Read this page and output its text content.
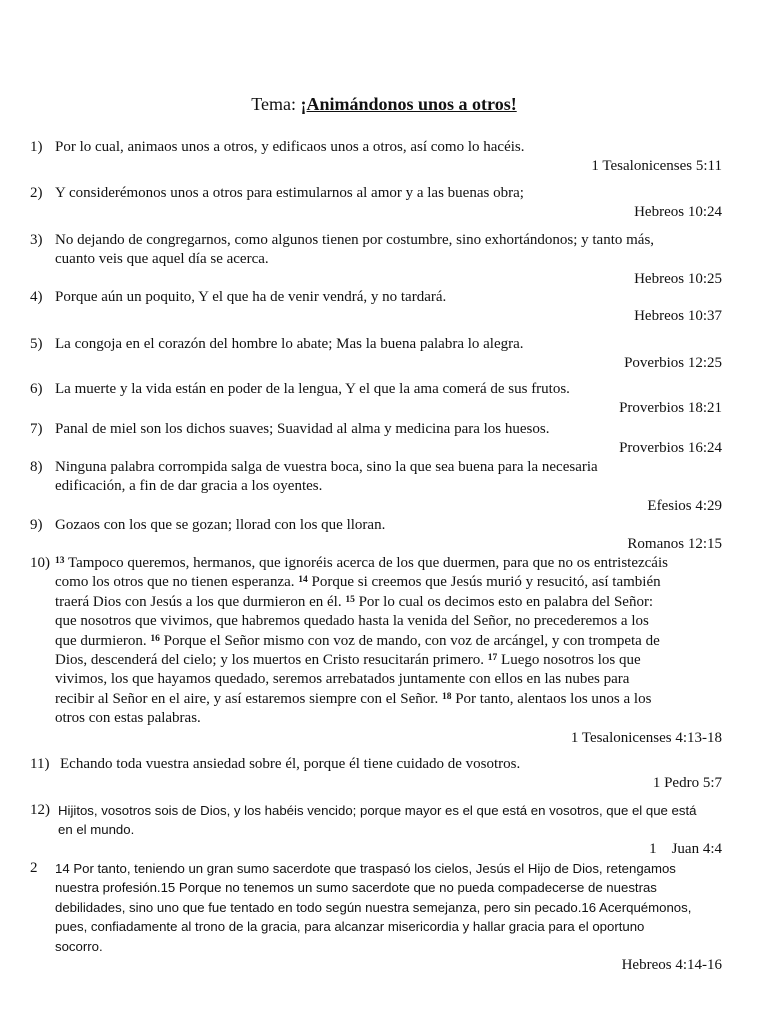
Tema: ¡Animándonos unos a otros!
1) Por lo cual, animaos unos a otros, y edificaos unos a otros, así como lo hacéis.
1 Tesalonicenses 5:11
2) Y considerémonos unos a otros para estimularnos al amor y a las buenas obra;
Hebreos 10:24
3) No dejando de congregarnos, como algunos tienen por costumbre, sino exhortándonos; y tanto más,
cuanto veis que aquel día se acerca.
Hebreos 10:25
4) Porque aún un poquito, Y el que ha de venir vendrá, y no tardará.
Hebreos 10:37
5) La congoja en el corazón del hombre lo abate; Mas la buena palabra lo alegra.
Poverbios 12:25
6) La muerte y la vida están en poder de la lengua, Y el que la ama comerá de sus frutos.
Proverbios 18:21
7) Panal de miel son los dichos suaves; Suavidad al alma y medicina para los huesos.
Proverbios 16:24
8) Ninguna palabra corrompida salga de vuestra boca, sino la que sea buena para la necesaria
edificación, a fin de dar gracia a los oyentes.
Efesios 4:29
9) Gozaos con los que se gozan; llorad con los que lloran.
Romanos 12:15
10) $^{13}$ Tampoco queremos, hermanos, que ignoréis acerca de los que duermen, para que no os entristezcáis
como los otros que no tienen esperanza. $^{14}$ Porque si creemos que Jesús murió y resucitó, así también
traerá Dios con Jesús a los que durmieron en él. $^{15}$ Por lo cual os decimos esto en palabra del Señor:
que nosotros que vivimos, que habremos quedado hasta la venida del Señor, no precederemos a los
que durmieron. $^{16}$ Porque el Señor mismo con voz de mando, con voz de arcángel, y con trompeta de
Dios, descenderá del cielo; y los muertos en Cristo resucitarán primero. $^{17}$ Luego nosotros los que
vivimos, los que hayamos quedado, seremos arrebatados juntamente con ellos en las nubes para
recibir al Señor en el aire, y así estaremos siempre con el Señor. $^{18}$ Por tanto, alentaos los unos a los
otros con estas palabras.
1 Tesalonicenses 4:13-18
11) Echando toda vuestra ansiedad sobre él, porque él tiene cuidado de vosotros.
1 Pedro 5:7
12) Hijitos, vosotros sois de Dios, y los habéis vencido; porque mayor es el que está en vosotros, que el que está
en el mundo.
1    Juan 4:4
2 14 Por tanto, teniendo un gran sumo sacerdote que traspasó los cielos, Jesús el Hijo de Dios, retengamos
nuestra profesión.15 Porque no tenemos un sumo sacerdote que no pueda compadecerse de nuestras
debilidades, sino uno que fue tentado en todo según nuestra semejanza, pero sin pecado.16 Acerquémonos,
pues, confiadamente al trono de la gracia, para alcanzar misericordia y hallar gracia para el oportuno
socorro.
Hebreos 4:14-16
